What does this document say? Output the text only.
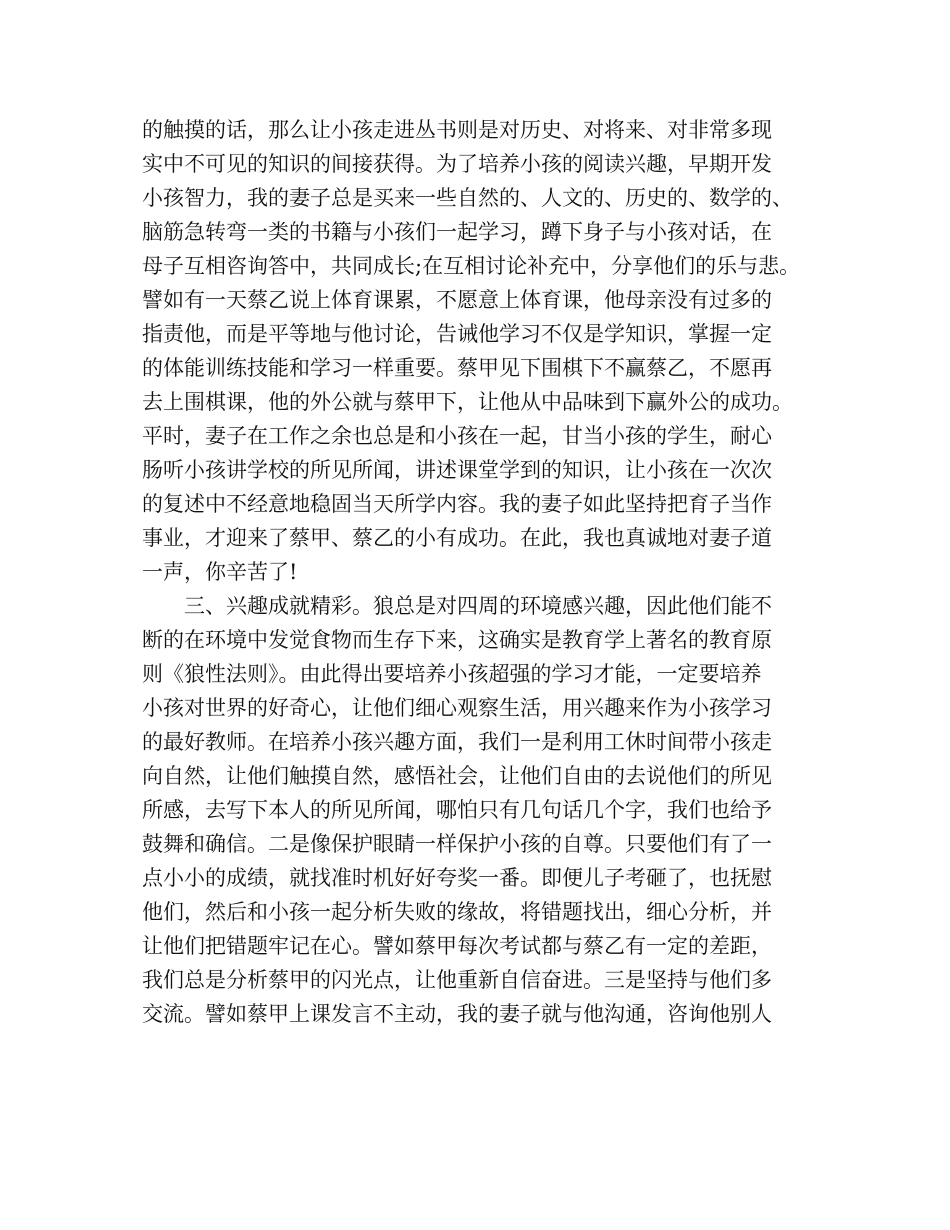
的触摸的话，那么让小孩走进丛书则是对历史、对将来、对非常多现
实中不可见的知识的间接获得。为了培养小孩的阅读兴趣，早期开发
小孩智力，我的妻子总是买来一些自然的、人文的、历史的、数学的、
脑筋急转弯一类的书籍与小孩们一起学习，蹲下身子与小孩对话，在
母子互相咨询答中，共同成长;在互相讨论补充中，分享他们的乐与悲。
譬如有一天蔡乙说上体育课累，不愿意上体育课，他母亲没有过多的
指责他，而是平等地与他讨论，告诫他学习不仅是学知识，掌握一定
的体能训练技能和学习一样重要。蔡甲见下围棋下不赢蔡乙，不愿再
去上围棋课，他的外公就与蔡甲下，让他从中品味到下赢外公的成功。
平时，妻子在工作之余也总是和小孩在一起，甘当小孩的学生，耐心
肠听小孩讲学校的所见所闻，讲述课堂学到的知识，让小孩在一次次
的复述中不经意地稳固当天所学内容。我的妻子如此坚持把育子当作
事业，才迎来了蔡甲、蔡乙的小有成功。在此，我也真诚地对妻子道
一声，你辛苦了!
三、兴趣成就精彩。狼总是对四周的环境感兴趣，因此他们能不
断的在环境中发觉食物而生存下来，这确实是教育学上著名的教育原
则《狼性法则》。由此得出要培养小孩超强的学习才能，一定要培养
小孩对世界的好奇心，让他们细心观察生活，用兴趣来作为小孩学习
的最好教师。在培养小孩兴趣方面，我们一是利用工休时间带小孩走
向自然，让他们触摸自然，感悟社会，让他们自由的去说他们的所见
所感，去写下本人的所见所闻，哪怕只有几句话几个字，我们也给予
鼓舞和确信。二是像保护眼睛一样保护小孩的自尊。只要他们有了一
点小小的成绩，就找准时机好好夸奖一番。即便儿子考砸了，也抚慰
他们，然后和小孩一起分析失败的缘故，将错题找出，细心分析，并
让他们把错题牢记在心。譬如蔡甲每次考试都与蔡乙有一定的差距，
我们总是分析蔡甲的闪光点，让他重新自信奋进。三是坚持与他们多
交流。譬如蔡甲上课发言不主动，我的妻子就与他沟通，咨询他别人
